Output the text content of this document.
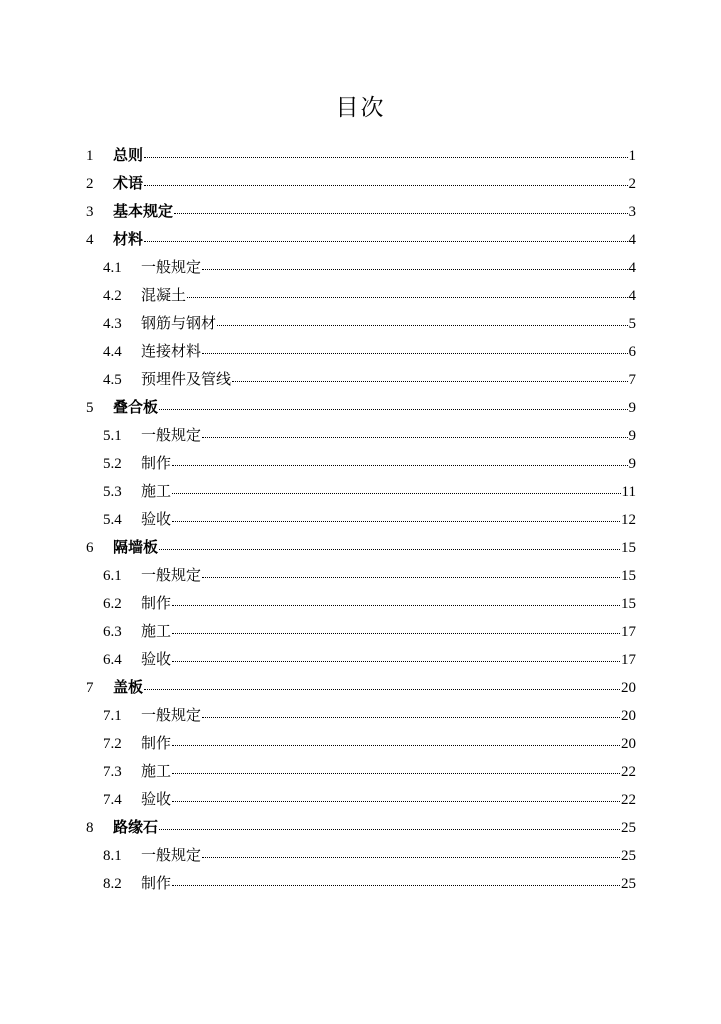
目次
1	总则	1
2	术语	2
3	基本规定	3
4	材料	4
4.1	一般规定	4
4.2	混凝土	4
4.3	钢筋与钢材	5
4.4	连接材料	6
4.5	预埋件及管线	7
5	叠合板	9
5.1	一般规定	9
5.2	制作	9
5.3	施工	11
5.4	验收	12
6	隔墙板	15
6.1	一般规定	15
6.2	制作	15
6.3	施工	17
6.4	验收	17
7	盖板	20
7.1	一般规定	20
7.2	制作	20
7.3	施工	22
7.4	验收	22
8	路缘石	25
8.1	一般规定	25
8.2	制作	25
